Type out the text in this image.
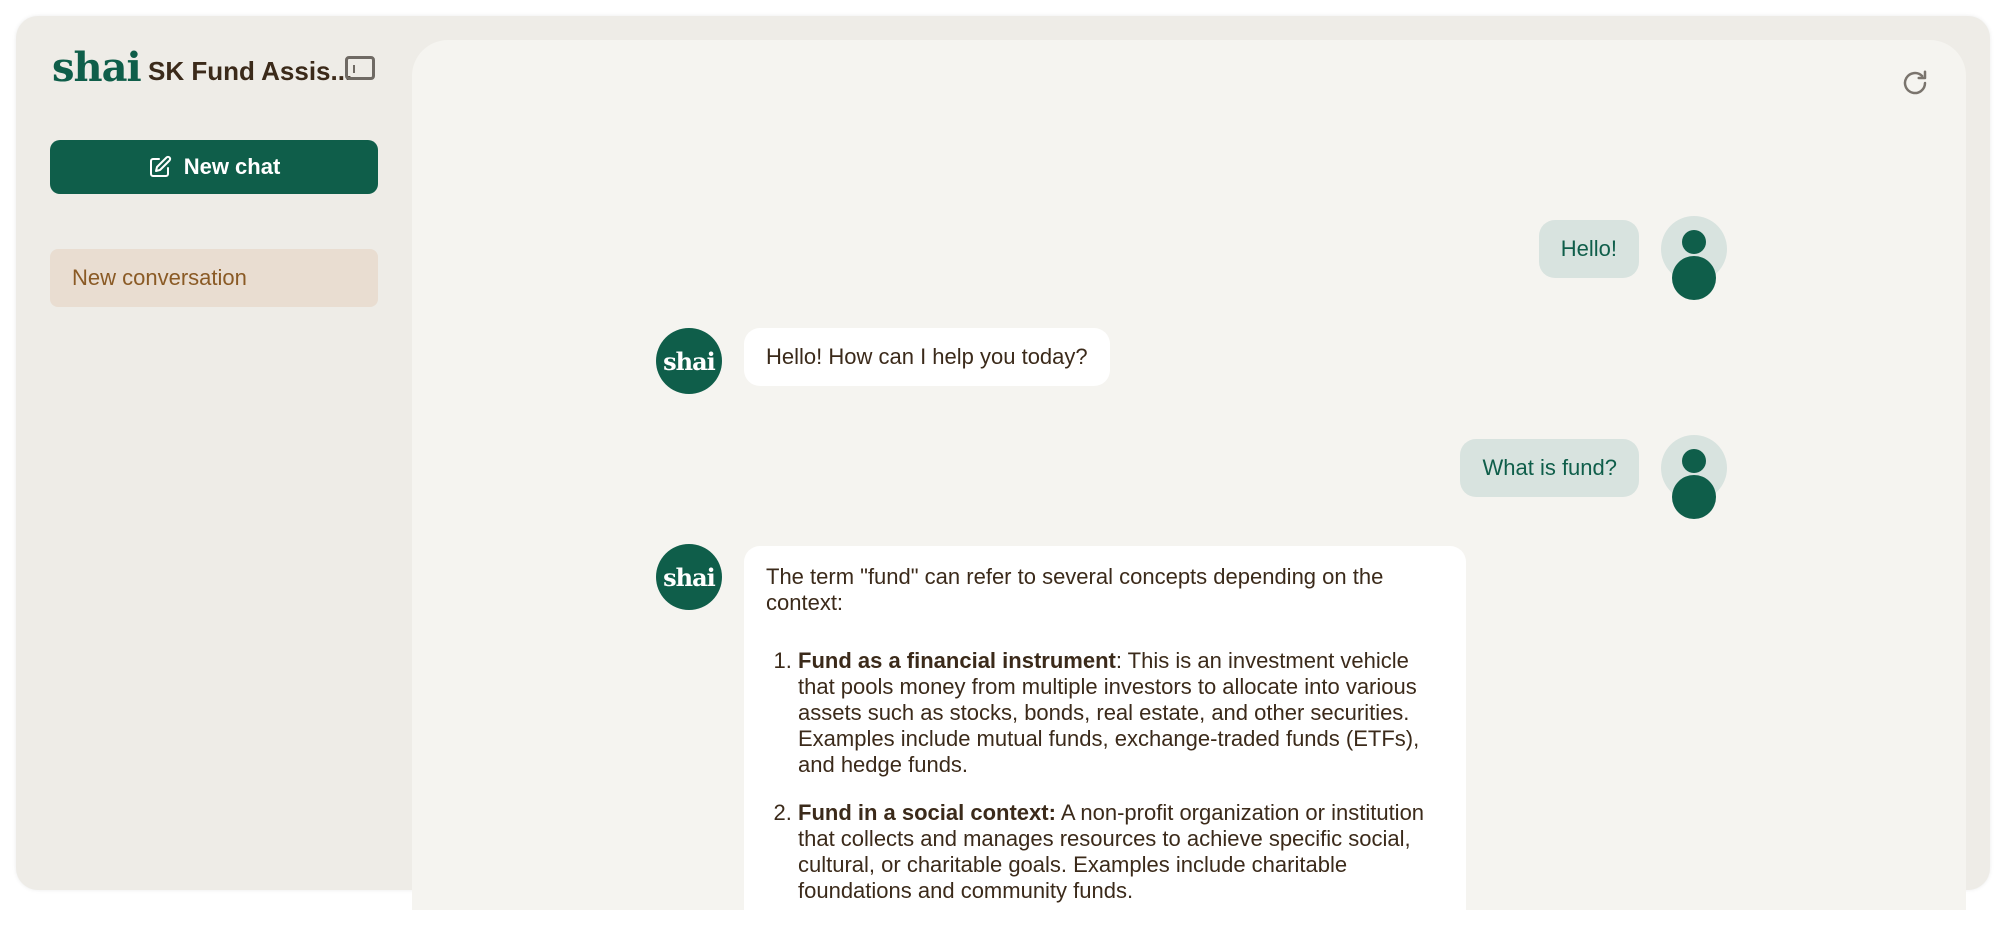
shai SK Fund Assis...
New chat
New conversation
Hello!
shai	Hello! How can I help you today?
What is fund?
shai	The term "fund" can refer to several concepts depending on the context:

1. Fund as a financial instrument: This is an investment vehicle that pools money from multiple investors to allocate into various assets such as stocks, bonds, real estate, and other securities. Examples include mutual funds, exchange-traded funds (ETFs), and hedge funds.
2. Fund in a social context: A non-profit organization or institution that collects and manages resources to achieve specific social, cultural, or charitable goals. Examples include charitable foundations and community funds.
